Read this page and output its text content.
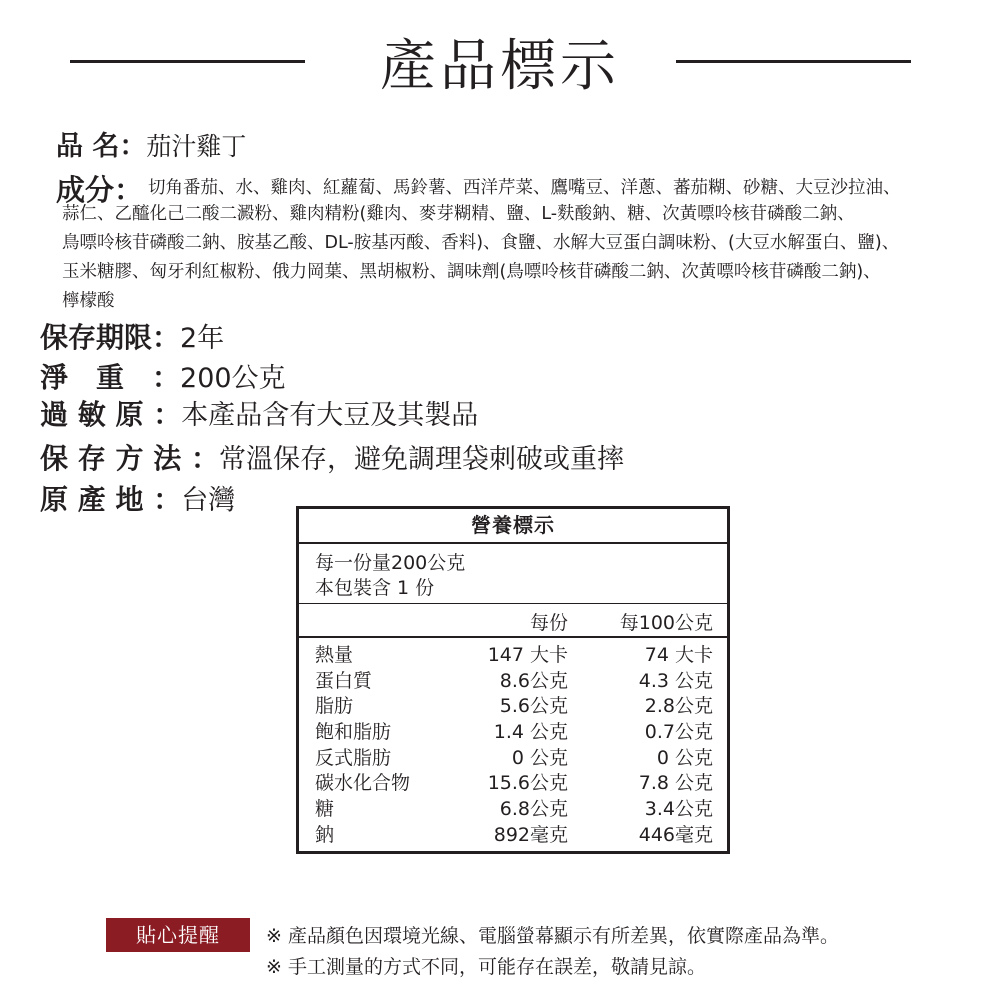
產品標示
品 名：茄汁雞丁
成分： 切角番茄、水、雞肉、紅蘿蔔、馬鈴薯、西洋芹菜、鷹嘴豆、洋蔥、蕃茄糊、砂糖、大豆沙拉油、
蒜仁、乙醯化己二酸二澱粉、雞肉精粉(雞肉、麥芽糊精、鹽、L-麩酸鈉、糖、次黃嘌呤核苷磷酸二鈉、
鳥嘌呤核苷磷酸二鈉、胺基乙酸、DL-胺基丙酸、香料)、食鹽、水解大豆蛋白調味粉、(大豆水解蛋白、鹽)、
玉米糖膠、匈牙利紅椒粉、俄力岡葉、黑胡椒粉、調味劑(鳥嘌呤核苷磷酸二鈉、次黃嘌呤核苷磷酸二鈉)、
檸檬酸
保存期限：2年
淨　重　：200公克
過 敏 原 ：本產品含有大豆及其製品
保 存 方 法 ：常溫保存，避免調理袋刺破或重摔
原 產 地 ：台灣
營養標示
每一份量200公克
本包裝含 1 份
每份	每100公克
熱量	147 大卡	74 大卡
蛋白質	8.6公克	4.3 公克
脂肪	5.6公克	2.8公克
飽和脂肪	1.4 公克	0.7公克
反式脂肪	0 公克	0 公克
碳水化合物	15.6公克	7.8 公克
糖	6.8公克	3.4公克
鈉	892毫克	446毫克
貼心提醒	※ 產品顏色因環境光線、電腦螢幕顯示有所差異，依實際產品為準。
※ 手工測量的方式不同，可能存在誤差，敬請見諒。
